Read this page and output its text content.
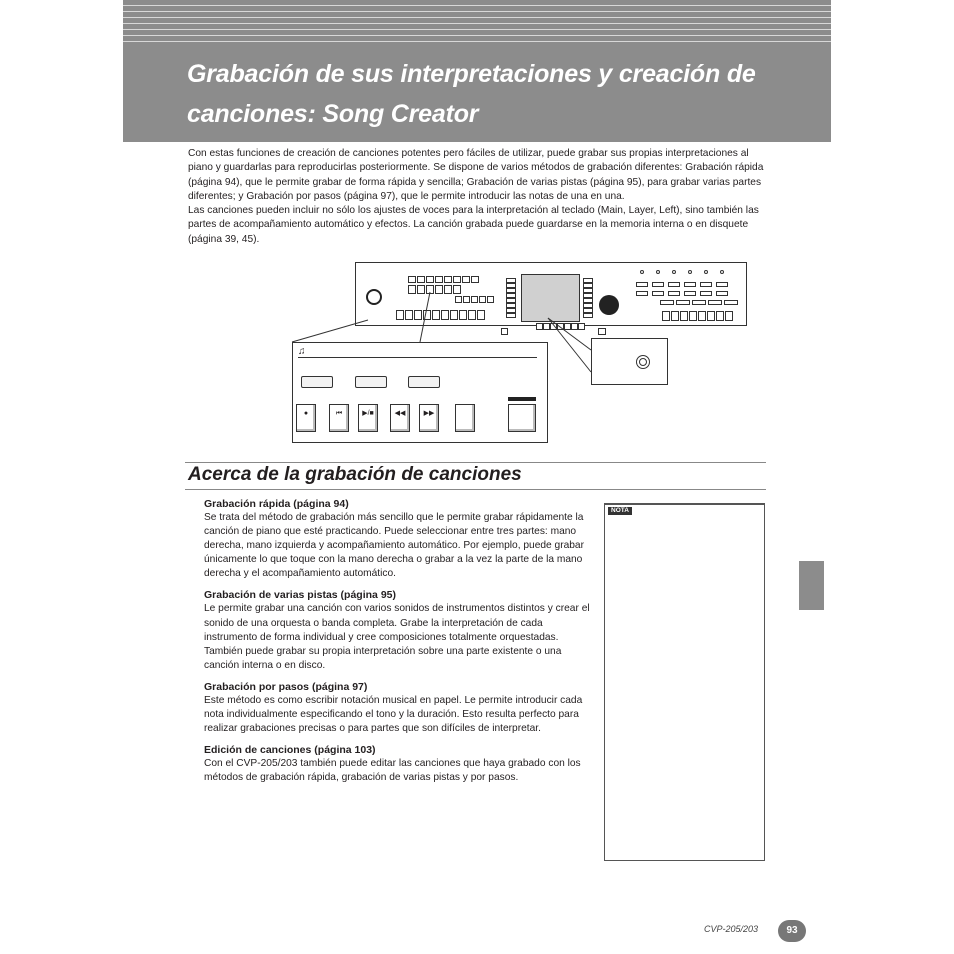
Grabación de sus interpretaciones y creación de canciones: Song Creator

Con estas funciones de creación de canciones potentes pero fáciles de utilizar, puede grabar sus propias interpretaciones al piano y guardarlas para reproducirlas posteriormente. Se dispone de varios métodos de grabación diferentes: Grabación rápida (página 94), que le permite grabar de forma rápida y sencilla; Grabación de varias pistas (página 95), para grabar varias partes diferentes; y Grabación por pasos (página 97), que le permite introducir las notas de una en una.

Las canciones pueden incluir no sólo los ajustes de voces para la interpretación al teclado (Main, Layer, Left), sino también las partes de acompañamiento automático y efectos. La canción grabada puede guardarse en la memoria interna o en disquete (página 39, 45).

♫
●	⏮	▶/■	◀◀	▶▶
Acerca de la grabación de canciones
Grabación rápida (página 94)

Se trata del método de grabación más sencillo que le permite grabar rápidamente la canción de piano que esté practicando. Puede seleccionar entre tres partes: mano derecha, mano izquierda y acompañamiento automático. Por ejemplo, puede grabar únicamente lo que toque con la mano derecha o grabar a la vez la parte de la mano derecha y el acompañamiento automático.

Grabación de varias pistas (página 95)

Le permite grabar una canción con varios sonidos de instrumentos distintos y crear el sonido de una orquesta o banda completa. Grabe la interpretación de cada instrumento de forma individual y cree composiciones totalmente orquestadas. También puede grabar su propia interpretación sobre una parte existente o una canción interna o en disco.

Grabación por pasos (página 97)

Este método es como escribir notación musical en papel. Le permite introducir cada nota individualmente especificando el tono y la duración. Esto resulta perfecto para realizar grabaciones precisas o para partes que son difíciles de interpretar.

Edición de canciones (página 103)

Con el CVP-205/203 también puede editar las canciones que haya grabado con los métodos de grabación rápida, grabación de varias pistas y por pasos.

NOTA
CVP-205/203	93
